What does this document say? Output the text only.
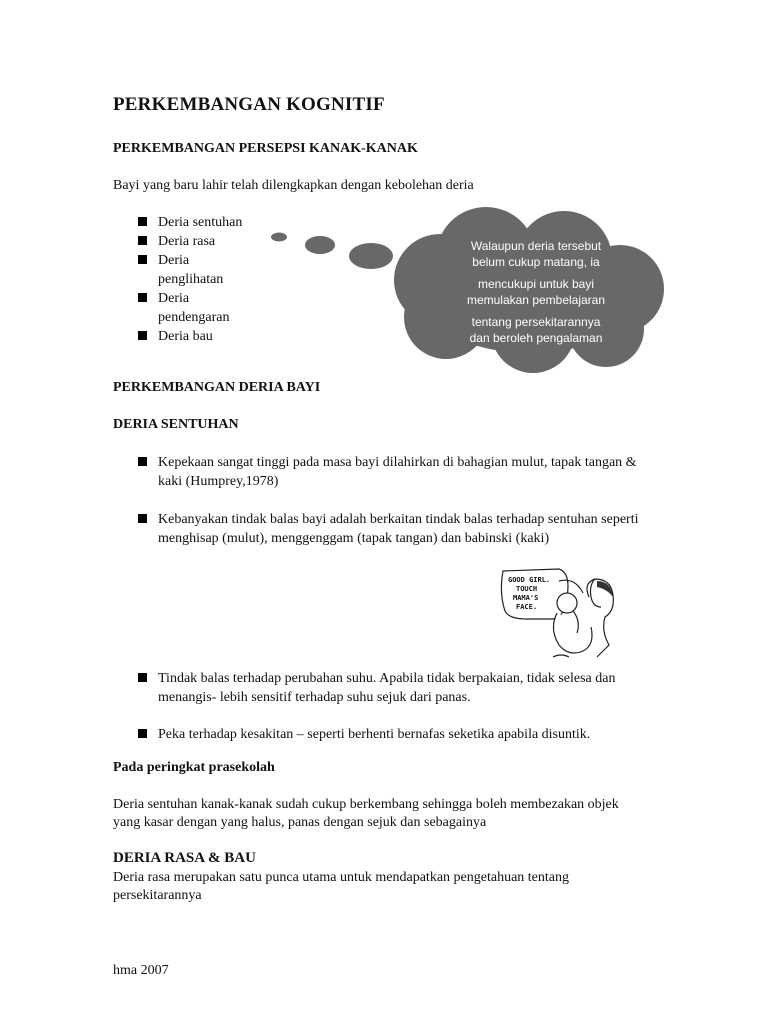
PERKEMBANGAN KOGNITIF
PERKEMBANGAN PERSEPSI KANAK-KANAK
Bayi yang baru lahir telah dilengkapkan dengan kebolehan deria
Deria sentuhan
Deria rasa
Deria penglihatan
Deria pendengaran
Deria bau
Walaupun deria tersebut
belum cukup matang, ia
mencukupi untuk bayi
memulakan pembelajaran
tentang persekitarannya
dan beroleh pengalaman
PERKEMBANGAN DERIA BAYI
DERIA SENTUHAN
Kepekaan sangat tinggi pada masa bayi dilahirkan di bahagian mulut, tapak tangan & kaki (Humprey,1978)
Kebanyakan tindak balas bayi adalah berkaitan tindak balas terhadap sentuhan seperti menghisap (mulut), menggenggam (tapak tangan) dan babinski (kaki)
GOOD GIRL.
TOUCH
MAMA'S
FACE.
Tindak balas terhadap perubahan suhu. Apabila tidak berpakaian, tidak selesa dan menangis- lebih sensitif terhadap suhu sejuk dari panas.
Peka terhadap kesakitan – seperti berhenti bernafas seketika apabila disuntik.
Pada peringkat prasekolah
Deria sentuhan kanak-kanak sudah cukup berkembang sehingga boleh membezakan objek yang kasar dengan yang halus, panas dengan sejuk dan sebagainya
DERIA RASA & BAU
Deria rasa merupakan satu punca utama untuk mendapatkan pengetahuan tentang persekitarannya
hma 2007
